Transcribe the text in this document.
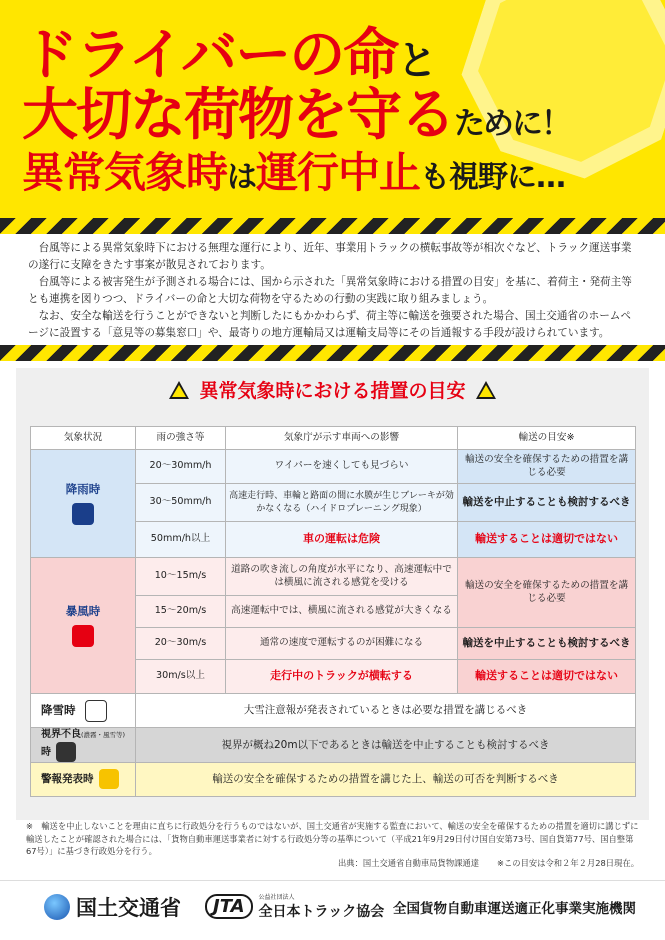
ドライバーの命と
大切な荷物を守るために！
異常気象時は運行中止も視野に…

台風等による異常気象時下における無理な運行により、近年、事業用トラックの横転事故等が相次ぐなど、トラック運送事業の遂行に支障をきたす事案が散見されております。

台風等による被害発生が予測される場合には、国から示された「異常気象時における措置の目安」を基に、着荷主・発荷主等とも連携を図りつつ、ドライバーの命と大切な荷物を守るための行動の実践に取り組みましょう。

なお、安全な輸送を行うことができないと判断したにもかかわらず、荷主等に輸送を強要された場合、国土交通省のホームページに設置する「意見等の募集窓口」や、最寄りの地方運輸局又は運輸支局等にその旨通報する手段が設けられています。

! 異常気象時における措置の目安 !
気象状況	雨の強さ等	気象庁が示す車両への影響	輸送の目安※

降雨時	20～30mm/h	ワイパーを速くしても見づらい	輸送の安全を確保するための措置を講じる必要
	30～50mm/h	高速走行時、車輪と路面の間に水膜が生じブレーキが効かなくなる（ハイドロプレーニング現象）	輸送を中止することも検討するべき
	50mm/h以上	車の運転は危険	輸送することは適切ではない

暴風時	10～15m/s	道路の吹き流しの角度が水平になり、高速運転中では横風に流される感覚を受ける	輸送の安全を確保するための措置を講じる必要
	15～20m/s	高速運転中では、横風に流される感覚が大きくなる	
	20～30m/s	通常の速度で運転するのが困難になる	輸送を中止することも検討するべき
	30m/s以上	走行中のトラックが横転する	輸送することは適切ではない
降雪時	大雪注意報が発表されているときは必要な措置を講じるべき		
視界不良(濃霧・風雪等)時	視界が概ね20m以下であるときは輸送を中止することも検討するべき		
警報発表時	輸送の安全を確保するための措置を講じた上、輸送の可否を判断するべき		
※　輸送を中止しないことを理由に直ちに行政処分を行うものではないが、国土交通省が実施する監査において、輸送の安全を確保するための措置を適切に講じずに輸送したことが確認された場合には、「貨物自動車運送事業者に対する行政処分等の基準について（平成21年9月29日付け国自安第73号、国自貨第77号、国自整第67号）」に基づき行政処分を行う。
出典：国土交通省自動車局貨物課通達 ※この目安は令和２年２月28日現在。
国土交通省	JTA	公益社団法人
全日本トラック協会 全国貨物自動車運送適正化事業実施機関
